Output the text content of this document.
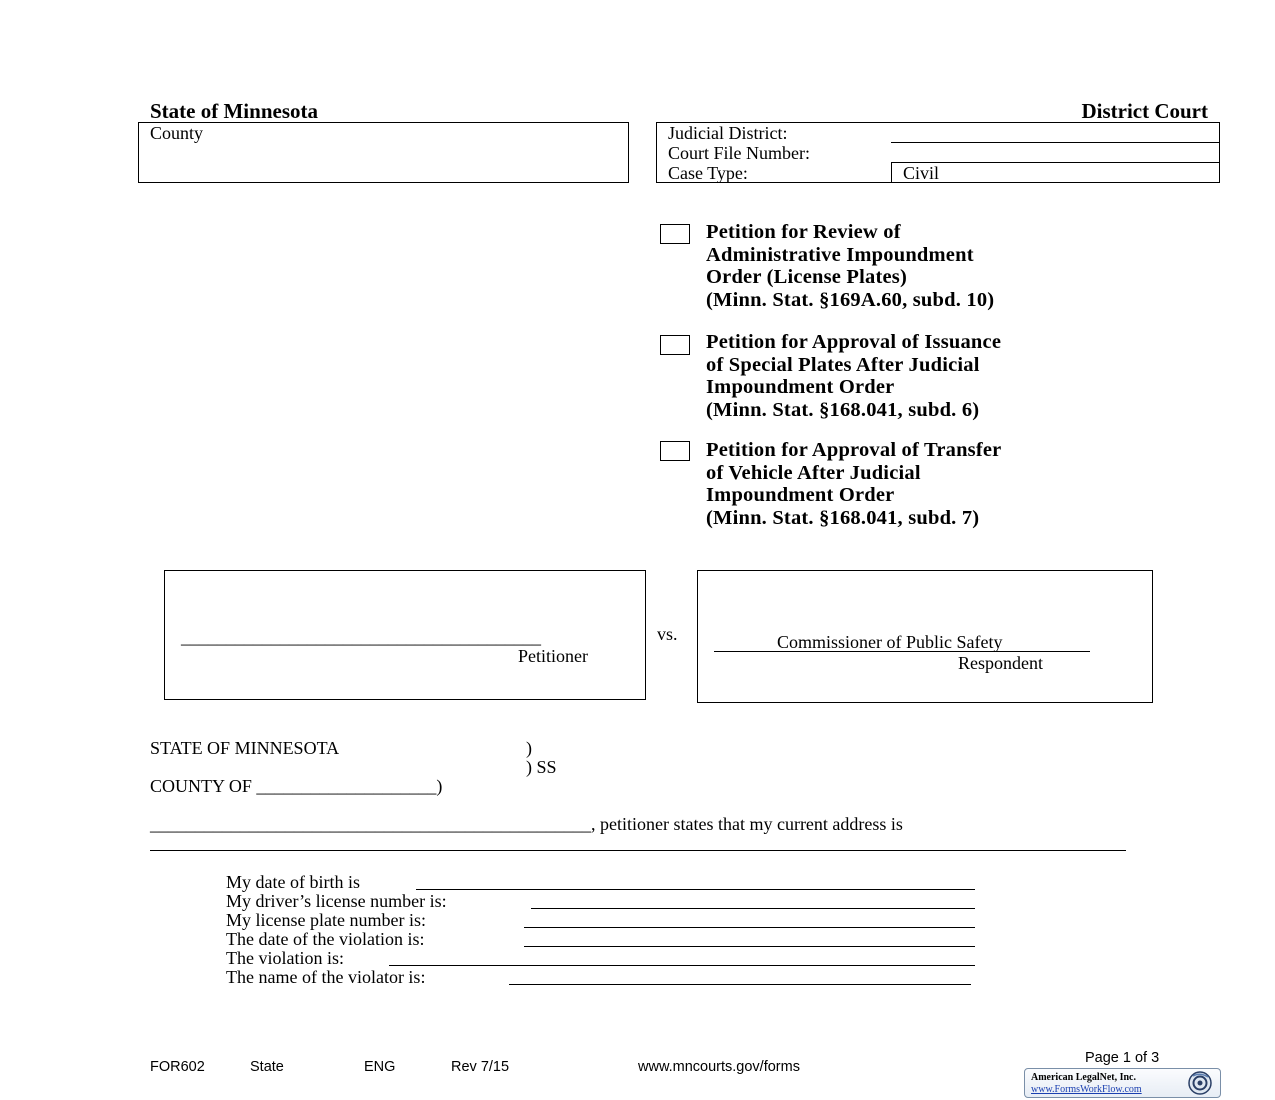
State of Minnesota	District Court
County	Judicial District:
Court File Number:
Case Type:	Civil
Petition for Review of
Administrative Impoundment
Order (License Plates)
(Minn. Stat. §169A.60, subd. 10)
Petition for Approval of Issuance
of Special Plates After Judicial
Impoundment Order
(Minn. Stat. §168.041, subd. 6)
Petition for Approval of Transfer
of Vehicle After Judicial
Impoundment Order
(Minn. Stat. §168.041, subd. 7)
________________________________________
Petitioner
vs.	Commissioner of Public Safety
Respondent
STATE OF MINNESOTA	)
) SS
COUNTY OF ____________________)
_________________________________________________, petitioner states that my current address is
My date of birth is
My driver’s license number is:
My license plate number is:
The date of the violation is:
The violation is:
The name of the violator is:
FOR602	State	ENG	Rev 7/15	www.mncourts.gov/forms
Page 1 of 3
American LegalNet, Inc.
www.FormsWorkFlow.com
